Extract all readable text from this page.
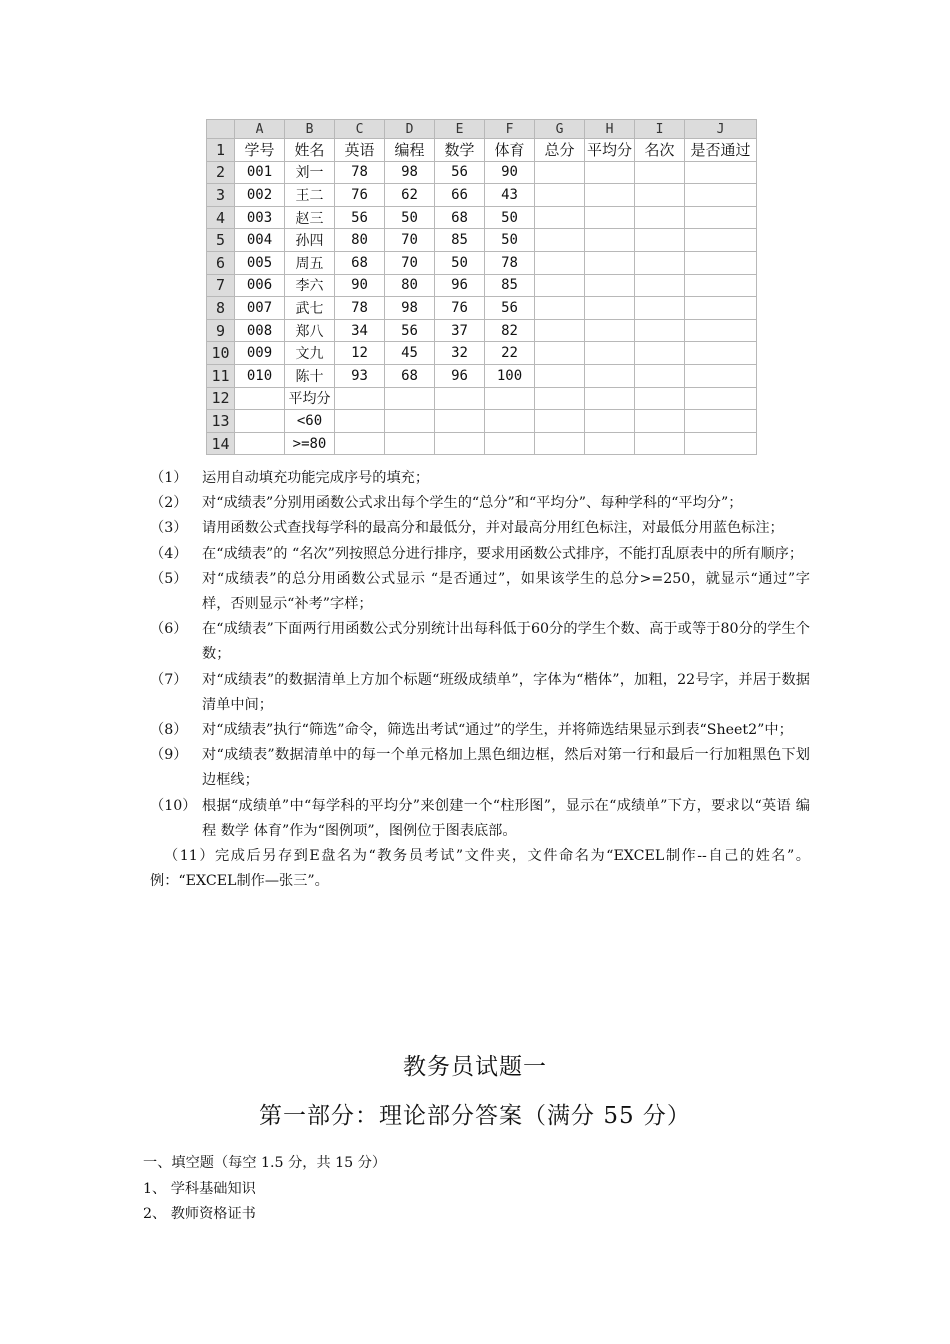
	A	B	C	D	E	F	G	H	I	J
1	学号	姓名	英语	编程	数学	体育	总分	平均分	名次	是否通过
2	001	刘一	78	98	56	90				
3	002	王二	76	62	66	43				
4	003	赵三	56	50	68	50				
5	004	孙四	80	70	85	50				
6	005	周五	68	70	50	78				
7	006	李六	90	80	96	85				
8	007	武七	78	98	76	56				
9	008	郑八	34	56	37	82				
10	009	文九	12	45	32	22				
11	010	陈十	93	68	96	100				
12		平均分								
13		<60								
14		>=80								
（1）	运用自动填充功能完成序号的填充；
（2）	对“成绩表”分别用函数公式求出每个学生的“总分”和“平均分”、每种学科的“平均分”；
（3）	请用函数公式查找每学科的最高分和最低分，并对最高分用红色标注，对最低分用蓝色标注；
（4）	在“成绩表”的 “名次”列按照总分进行排序，要求用函数公式排序，不能打乱原表中的所有顺序；
（5）	对“成绩表”的总分用函数公式显示 “是否通过”，如果该学生的总分>=250，就显示“通过”字样，否则显示“补考”字样；
（6）	在“成绩表”下面两行用函数公式分别统计出每科低于60分的学生个数、高于或等于80分的学生个数；
（7）	对“成绩表”的数据清单上方加个标题“班级成绩单”，字体为“楷体”，加粗，22号字，并居于数据清单中间；
（8）	对“成绩表”执行“筛选”命令，筛选出考试“通过”的学生，并将筛选结果显示到表“Sheet2”中；
（9）	对“成绩表”数据清单中的每一个单元格加上黑色细边框，然后对第一行和最后一行加粗黑色下划边框线；
（10） 根据“成绩单”中“每学科的平均分”来创建一个“柱形图”，显示在“成绩单”下方，要求以“英语 编程 数学 体育”作为“图例项”，图例位于图表底部。
（11）完成后另存到E盘名为“教务员考试”文件夹，文件命名为“EXCEL制作--自己的姓名”。例：“EXCEL制作—张三”。
教务员试题一
第一部分：理论部分答案（满分 55 分）
一、填空题（每空 1.5 分，共 15 分）
1、 学科基础知识
2、 教师资格证书
